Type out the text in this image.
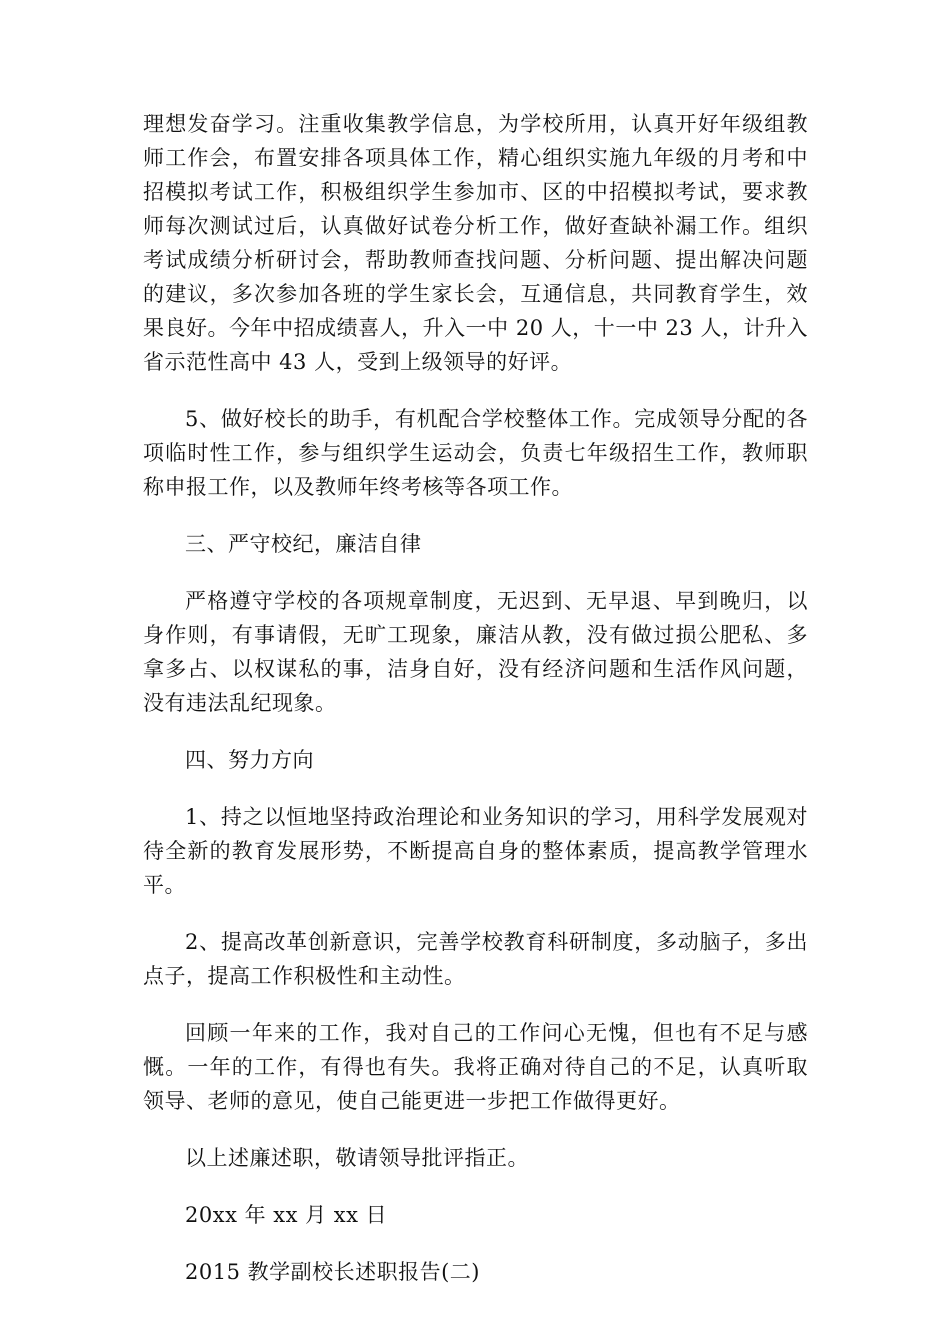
理想发奋学习。注重收集教学信息，为学校所用，认真开好年级组教师工作会，布置安排各项具体工作，精心组织实施九年级的月考和中招模拟考试工作，积极组织学生参加市、区的中招模拟考试，要求教师每次测试过后，认真做好试卷分析工作，做好查缺补漏工作。组织考试成绩分析研讨会，帮助教师查找问题、分析问题、提出解决问题的建议，多次参加各班的学生家长会，互通信息，共同教育学生，效果良好。今年中招成绩喜人，升入一中 20 人，十一中 23 人，计升入省示范性高中 43 人，受到上级领导的好评。

5、做好校长的助手，有机配合学校整体工作。完成领导分配的各项临时性工作，参与组织学生运动会，负责七年级招生工作，教师职称申报工作，以及教师年终考核等各项工作。

三、严守校纪，廉洁自律

严格遵守学校的各项规章制度，无迟到、无早退、早到晚归，以身作则，有事请假，无旷工现象，廉洁从教，没有做过损公肥私、多拿多占、以权谋私的事，洁身自好，没有经济问题和生活作风问题，没有违法乱纪现象。

四、努力方向

1、持之以恒地坚持政治理论和业务知识的学习，用科学发展观对待全新的教育发展形势，不断提高自身的整体素质，提高教学管理水平。

2、提高改革创新意识，完善学校教育科研制度，多动脑子，多出点子，提高工作积极性和主动性。

回顾一年来的工作，我对自己的工作问心无愧，但也有不足与感慨。一年的工作，有得也有失。我将正确对待自己的不足，认真听取领导、老师的意见，使自己能更进一步把工作做得更好。

以上述廉述职，敬请领导批评指正。

20xx 年 xx 月 xx 日

2015 教学副校长述职报告(二)
